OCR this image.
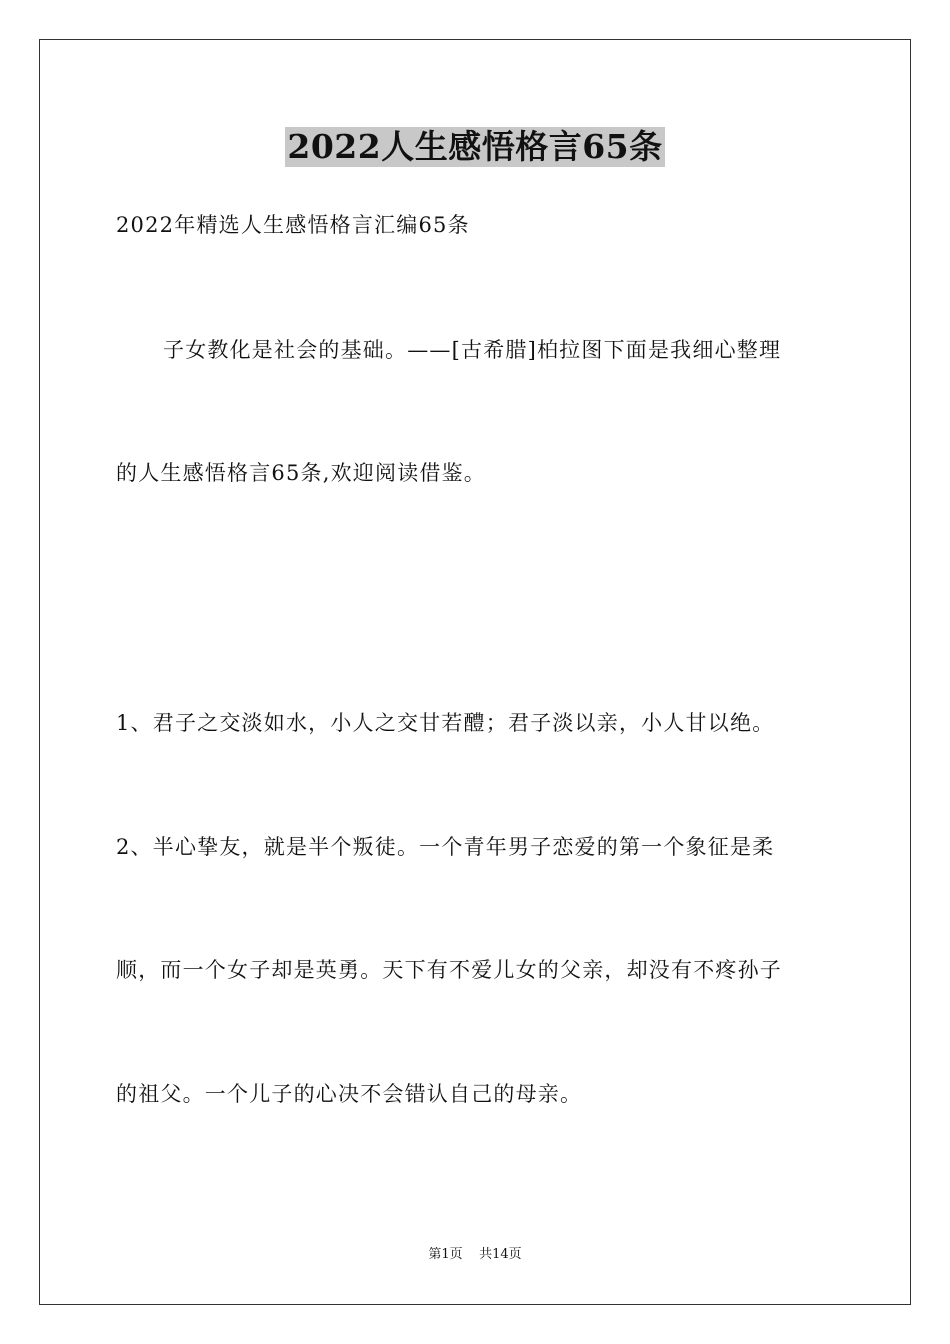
2022人生感悟格言65条
2022年精选人生感悟格言汇编65条
子女教化是社会的基础。——[古希腊]柏拉图下面是我细心整理
的人生感悟格言65条,欢迎阅读借鉴。
1、君子之交淡如水，小人之交甘若醴；君子淡以亲，小人甘以绝。
2、半心挚友，就是半个叛徒。一个青年男子恋爱的第一个象征是柔
顺，而一个女子却是英勇。天下有不爱儿女的父亲，却没有不疼孙子
的祖父。一个儿子的心决不会错认自己的母亲。
第1页 共14页
